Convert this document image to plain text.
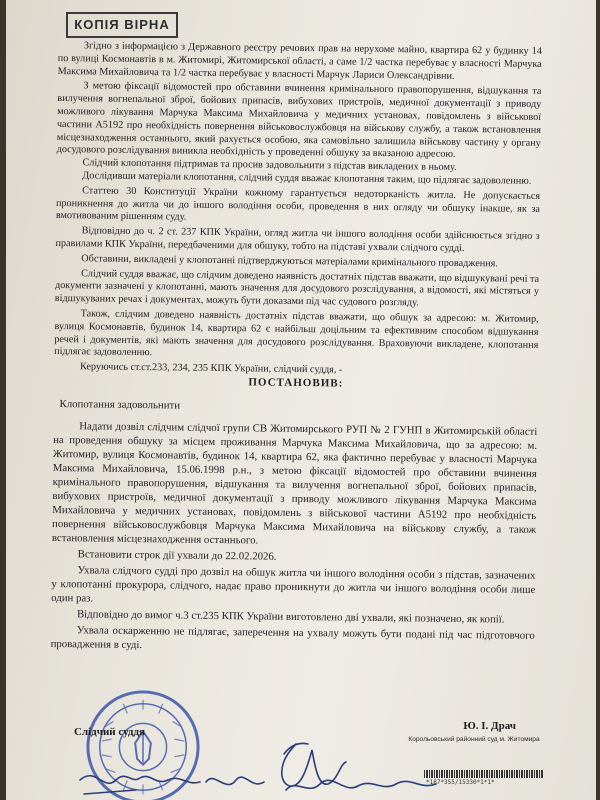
КОПІЯ ВІРНА

Згідно з інформацією з Державного реєстру речових прав на нерухоме майно, квартира 62 у будинку 14 по вулиці Космонавтів в м. Житомирі, Житомирської області, а саме 1/2 частка перебуває у власності Марчука Максима Михайловича та 1/2 частка перебуває у власності Марчук Лариси Олександрівни.

З метою фіксації відомостей про обставини вчинення кримінального правопорушення, відшукання та вилучення вогнепальної зброї, бойових припасів, вибухових пристроїв, медичної документації з приводу можливого лікування Марчука Максима Михайловича у медичних установах, повідомлень з військової частини А5192 про необхідність повернення військовослужбовця на військову службу, а також встановлення місцезнаходження останнього, який рахується особою, яка самовільно залишила військову частину у органу досудового розслідування виникла необхідність у проведенні обшуку за вказаною адресою.

Слідчий клопотання підтримав та просив задовольнити з підстав викладених в ньому.

Дослідивши матеріали клопотання, слідчий суддя вважає клопотання таким, що підлягає задоволенню.

Статтею 30 Конституції України кожному гарантується недоторканість житла. Не допускається проникнення до житла чи до іншого володіння особи, проведення в них огляду чи обшуку інакше, як за вмотивованим рішенням суду.

Відповідно до ч. 2 ст. 237 КПК України, огляд житла чи іншого володіння особи здійснюється згідно з правилами КПК України, передбаченими для обшуку, тобто на підставі ухвали слідчого судді.

Обставини, викладені у клопотанні підтверджуються матеріалами кримінального провадження.

Слідчий суддя вважає, що слідчим доведено наявність достатніх підстав вважати, що відшукувані речі та документи зазначені у клопотанні, мають значення для досудового розслідування, а відомості, які містяться у відшукуваних речах і документах, можуть бути доказами під час судового розгляду.

Також, слідчим доведено наявність достатніх підстав вважати, що обшук за адресою: м. Житомир, вулиця Космонавтів, будинок 14, квартира 62 є найбільш доцільним та ефективним способом відшукання речей і документів, які мають значення для досудового розслідування. Враховуючи викладене, клопотання підлягає задоволенню.

Керуючись ст.ст.233, 234, 235 КПК України, слідчий суддя, -

ПОСТАНОВИВ:

Клопотання задовольнити

Надати дозвіл слідчим слідчої групи СВ Житомирського РУП № 2 ГУНП в Житомирській області на проведення обшуку за місцем проживання Марчука Максима Михайловича, що за адресою: м. Житомир, вулиця Космонавтів, будинок 14, квартира 62, яка фактично перебуває у власності Марчука Максима Михайловича, 15.06.1998 р.н., з метою фіксації відомостей про обставини вчинення кримінального правопорушення, відшукання та вилучення вогнепальної зброї, бойових припасів, вибухових пристроїв, медичної документації з приводу можливого лікування Марчука Максима Михайловича у медичних установах, повідомлень з військової частини А5192 про необхідність повернення військовослужбовця Марчука Максима Михайловича на військову службу, а також встановлення місцезнаходження останнього.

Встановити строк дії ухвали до 22.02.2026.

Ухвала слідчого судді про дозвіл на обшук житла чи іншого володіння особи з підстав, зазначених у клопотанні прокурора, слідчого, надає право проникнути до житла чи іншого володіння особи лише один раз.

Відповідно до вимог ч.3 ст.235 КПК України виготовлено дві ухвали, які позначено, як копії.

Ухвала оскарженню не підлягає, заперечення на ухвалу можуть бути подані під час підготовчого провадження в суді.

Слідчий суддя	Ю. І. Драч
Корольовський районний суд м. Житомира
*187*355/15330*1*1*
